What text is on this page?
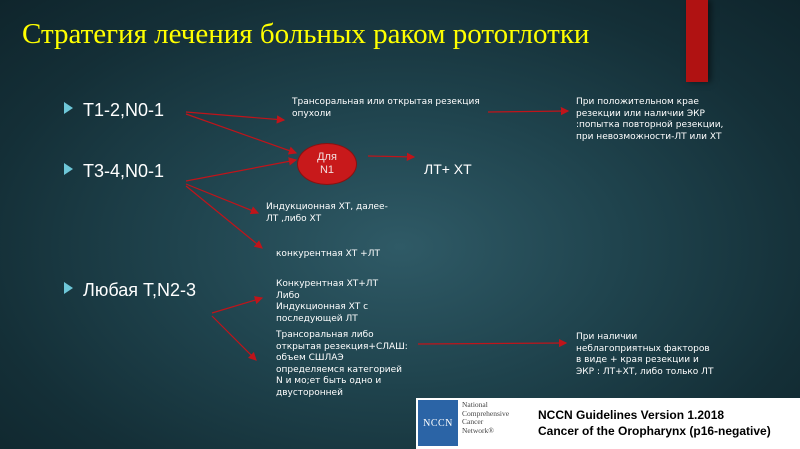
Стратегия лечения больных раком ротоглотки
T1-2,N0-1
T3-4,N0-1
Любая T,N2-3
Трансоральная или открытая резекция
опухоли
При положительном крае
резекции или наличии ЭКР
:попытка повторной резекции,
при невозможности-ЛТ или ХТ
Для
N1	ЛТ+ ХТ
Индукционная ХТ, далее-
ЛТ ,либо ХТ
конкурентная ХТ +ЛТ
Конкурентная ХТ+ЛТ
Либо
Индукционная ХТ с
последующей ЛТ
Трансоральная либо
открытая резекция+СЛАШ:
объем СШЛАЭ
определяемся категорией
N и мо;ет быть одно и
двусторонней
При наличии
неблагоприятных факторов
в виде + края резекции и
ЭКР : ЛТ+ХТ, либо только ЛТ
NCCN
National
Comprehensive
Cancer
Network®
NCCN Guidelines Version 1.2018
Cancer of the Oropharynx (p16-negative)
